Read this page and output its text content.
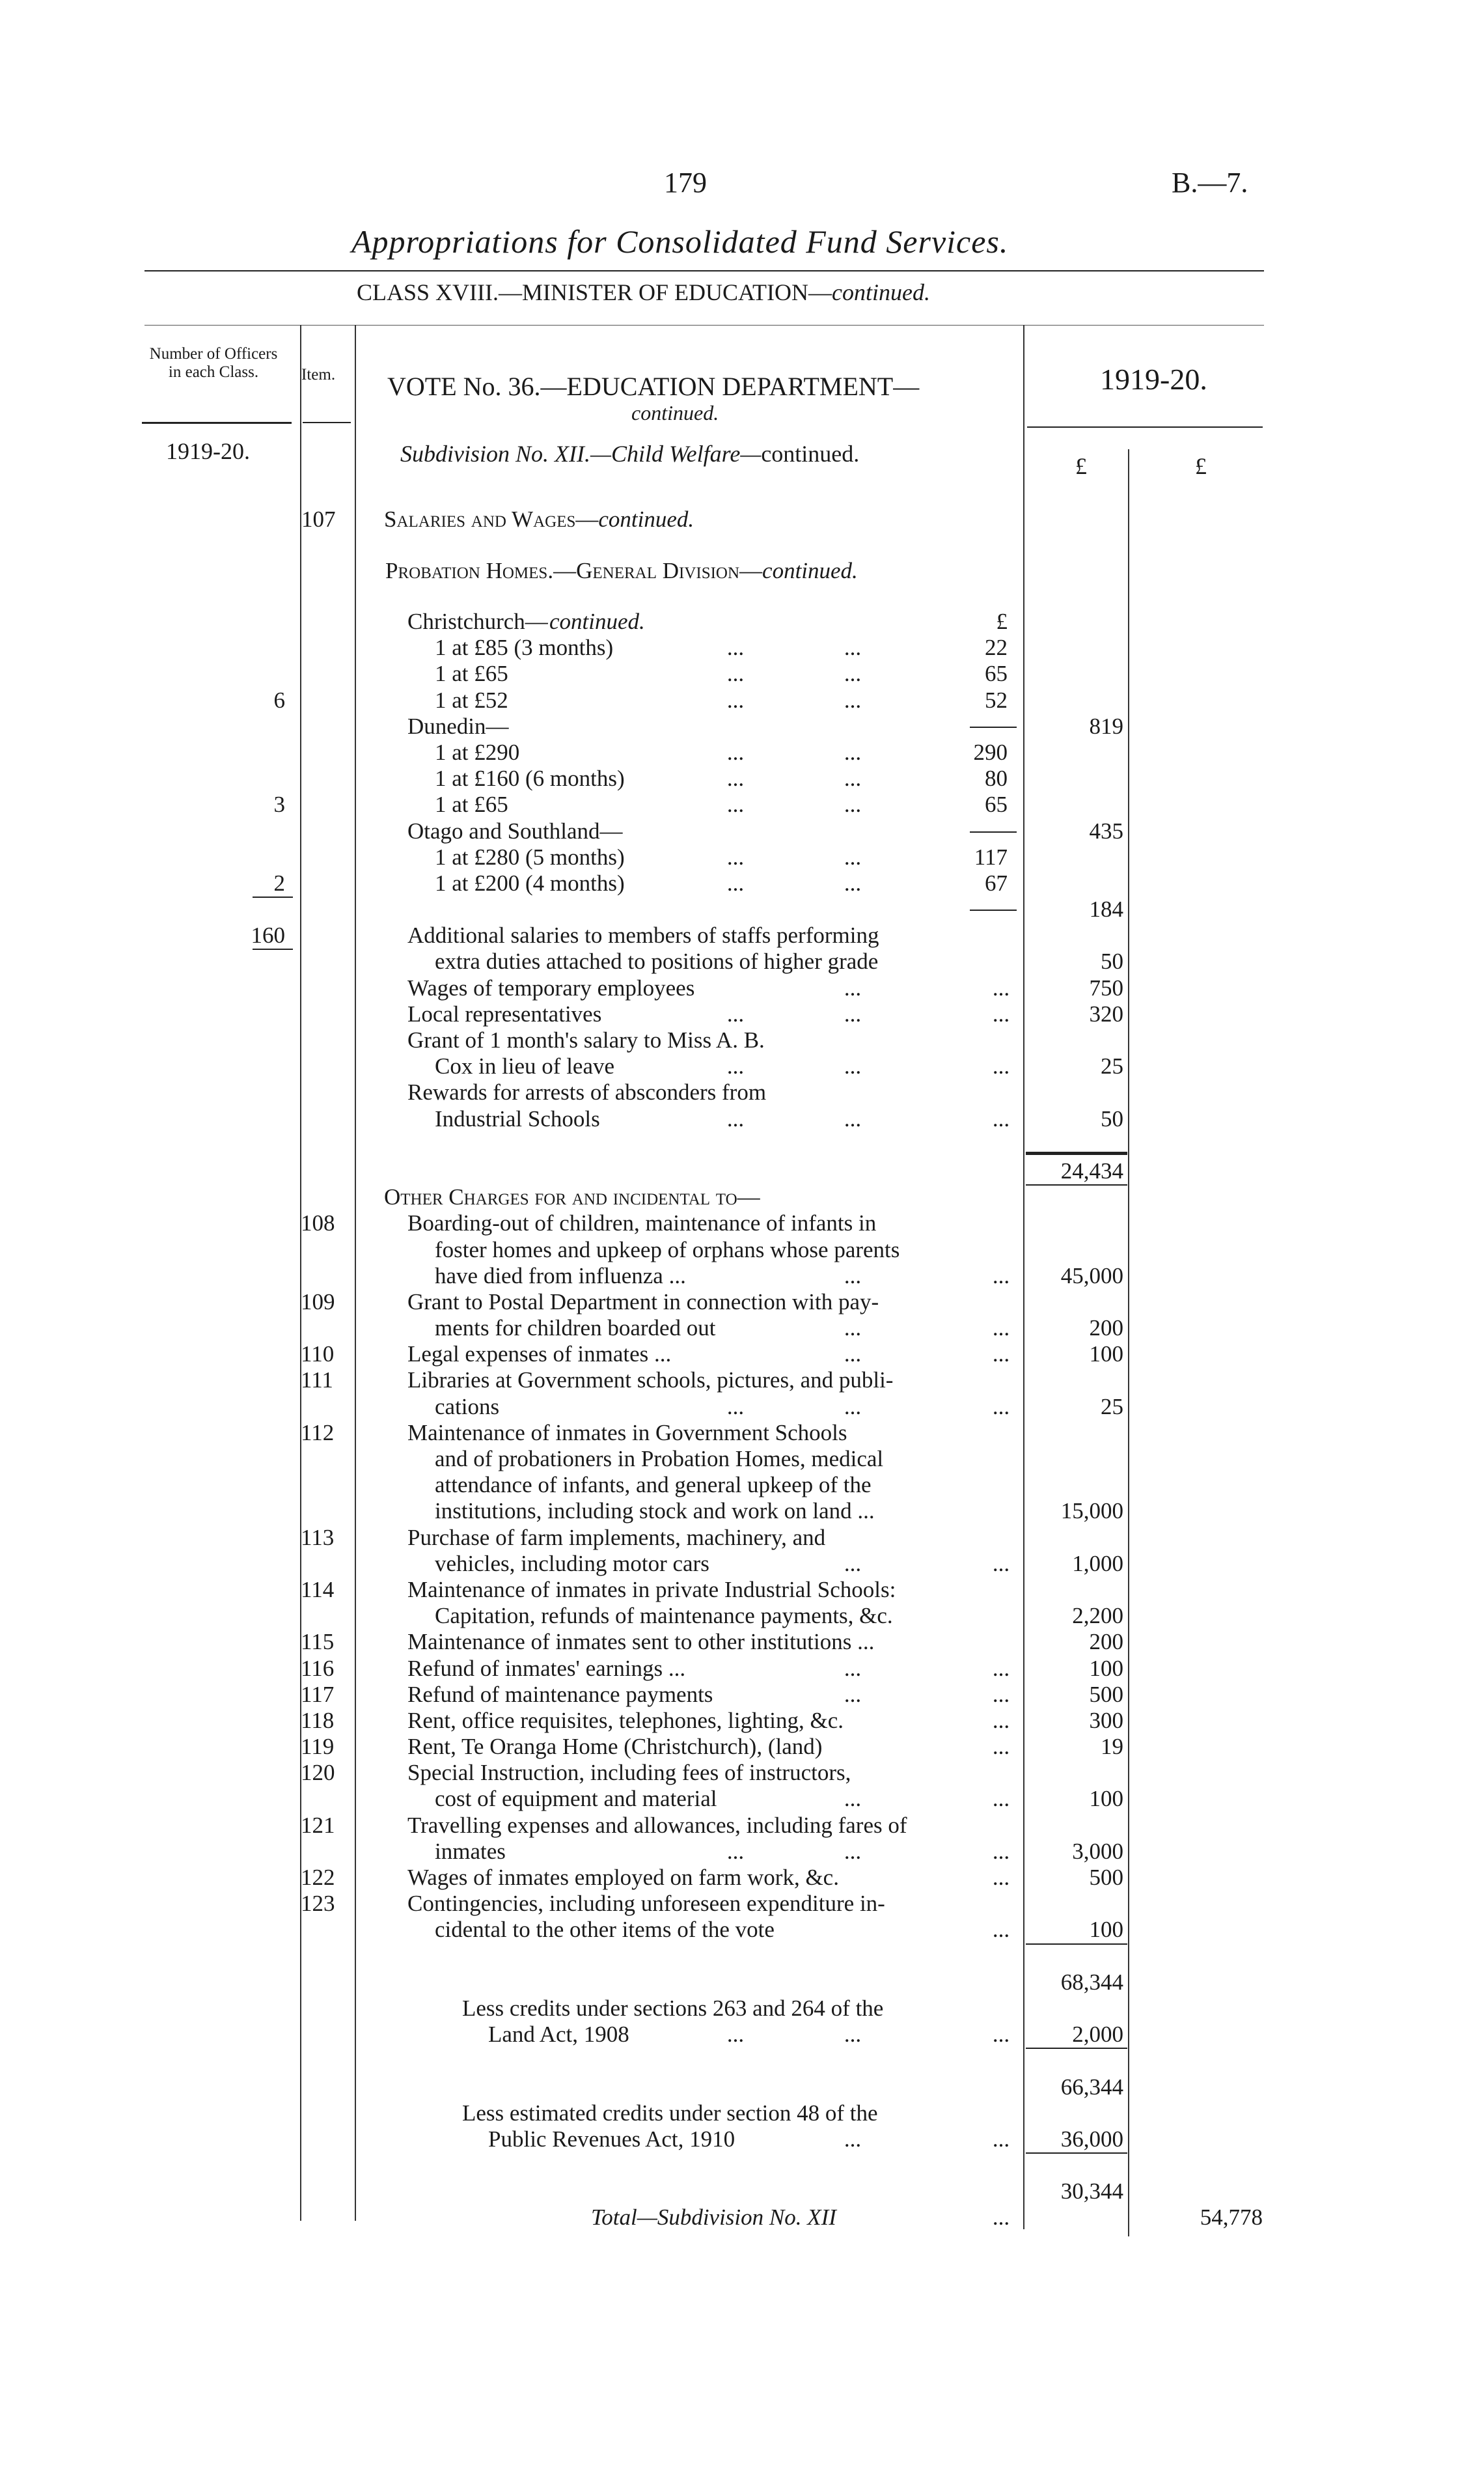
179	B.—7.
Appropriations for Consolidated Fund Services.
CLASS XVIII.—MINISTER OF EDUCATION—continued.
Number of Officers in each Class.	Item. VOTE No. 36.—EDUCATION DEPARTMENT—
continued.
1919-20.
1919-20.	Subdivision No. XII.—Child Welfare—continued.	£	£
107 Salaries and Wages—continued.
Probation Homes.—General Division—continued.
Christchurch— continued.	£
1 at £85 (3 months)	...	...	22
1 at £65	...	...	65
6	1 at £52	...	...	52
Dunedin—	819
1 at £290	...	...	290
1 at £160 (6 months)	...	...	80
3	1 at £65	...	...	65
Otago and Southland—	435
1 at £280 (5 months)	...	...	117
2	1 at £200 (4 months)	...	...	67
184
160	Additional salaries to members of staffs performing
extra duties attached to positions of higher grade	50
Wages of temporary employees	...	...	750
Local representatives	...	...	...	320
Grant of 1 month's salary to Miss A. B.
Cox in lieu of leave	...	...	...	25
Rewards for arrests of absconders from
Industrial Schools	...	...	...	50
24,434
Other Charges for and incidental to—
108	Boarding-out of children, maintenance of infants in
foster homes and upkeep of orphans whose parents
have died from influenza ...	...	...	45,000
109	Grant to Postal Department in connection with pay-
ments for children boarded out	...	...	200
110	Legal expenses of inmates ...	...	...	100
111	Libraries at Government schools, pictures, and publi-
cations	...	...	...	25
112	Maintenance of inmates in Government Schools
and of probationers in Probation Homes, medical
attendance of infants, and general upkeep of the
institutions, including stock and work on land ...	15,000
113	Purchase of farm implements, machinery, and
vehicles, including motor cars	...	...	1,000
114	Maintenance of inmates in private Industrial Schools:
Capitation, refunds of maintenance payments, &c.	2,200
115	Maintenance of inmates sent to other institutions ...	200
116	Refund of inmates' earnings ...	...	...	100
117	Refund of maintenance payments	...	...	500
118	Rent, office requisites, telephones, lighting, &c.	...	300
119	Rent, Te Oranga Home (Christchurch), (land)	...	19
120	Special Instruction, including fees of instructors,
cost of equipment and material	...	...	100
121	Travelling expenses and allowances, including fares of
inmates	...	...	...	3,000
122	Wages of inmates employed on farm work, &c.	...	500
123	Contingencies, including unforeseen expenditure in-
cidental to the other items of the vote	...	100
68,344
Less credits under sections 263 and 264 of the
Land Act, 1908	...	...	...	2,000
66,344
Less estimated credits under section 48 of the
Public Revenues Act, 1910	...	...	36,000
30,344
Total—Subdivision No. XII	...	54,778
